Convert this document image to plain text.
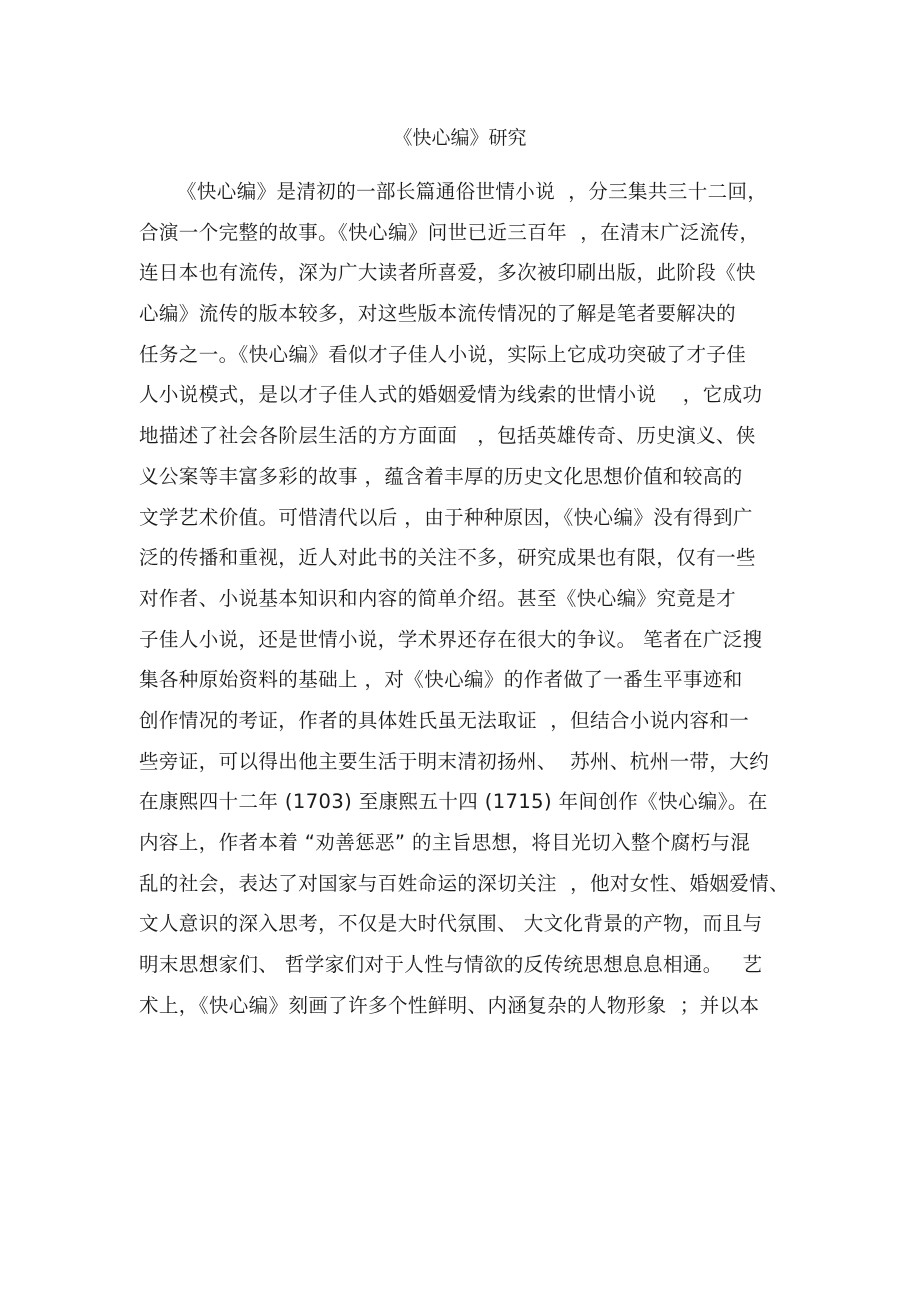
《快心编》研究
《快心编》是清初的一部长篇通俗世情小说  ，分三集共三十二回，
合演一个完整的故事。《快心编》问世已近三百年  ，在清末广泛流传，
连日本也有流传，深为广大读者所喜爱，多次被印刷出版，此阶段《快
心编》流传的版本较多，对这些版本流传情况的了解是笔者要解决的
任务之一。《快心编》看似才子佳人小说，实际上它成功突破了才子佳
人小说模式，是以才子佳人式的婚姻爱情为线索的世情小说    ，它成功
地描述了社会各阶层生活的方方面面   ，包括英雄传奇、历史演义、侠
义公案等丰富多彩的故事 ，蕴含着丰厚的历史文化思想价值和较高的
文学艺术价值。可惜清代以后 ，由于种种原因，《快心编》没有得到广
泛的传播和重视，近人对此书的关注不多，研究成果也有限，仅有一些
对作者、小说基本知识和内容的简单介绍。甚至《快心编》究竟是才
子佳人小说，还是世情小说，学术界还存在很大的争议。 笔者在广泛搜
集各种原始资料的基础上 ，对《快心编》的作者做了一番生平事迹和
创作情况的考证，作者的具体姓氏虽无法取证  ，但结合小说内容和一
些旁证，可以得出他主要生活于明末清初扬州、  苏州、杭州一带，大约
在康熙四十二年 (1703) 至康熙五十四 (1715) 年间创作《快心编》。在
内容上，作者本着 “劝善惩恶” 的主旨思想，将目光切入整个腐朽与混
乱的社会，表达了对国家与百姓命运的深切关注  ，他对女性、婚姻爱情、
文人意识的深入思考，不仅是大时代氛围、 大文化背景的产物，而且与
明末思想家们、 哲学家们对于人性与情欲的反传统思想息息相通。   艺
术上，《快心编》刻画了许多个性鲜明、内涵复杂的人物形象  ；并以本
